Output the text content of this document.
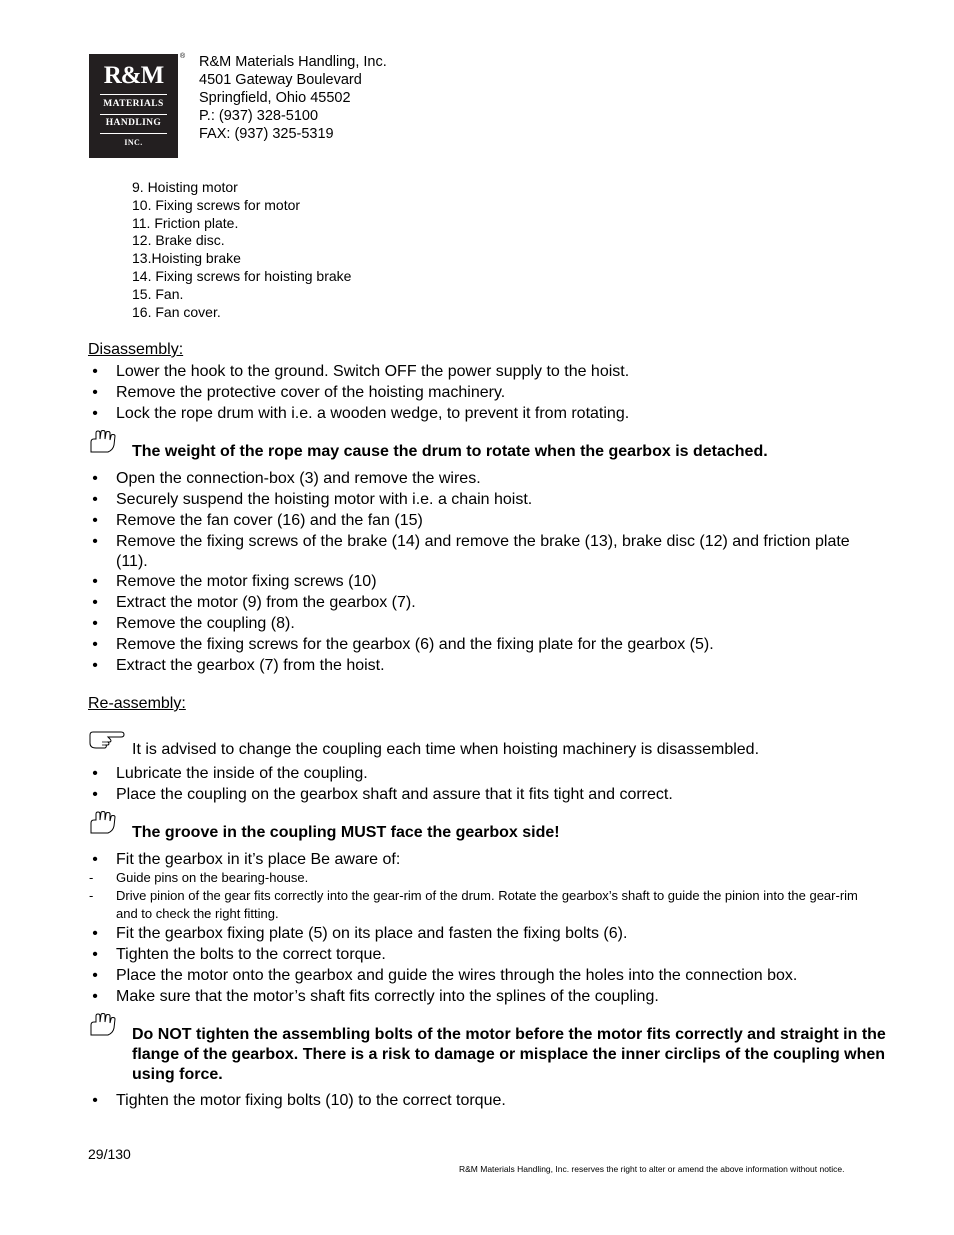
R&M
MATERIALS
HANDLING
INC.
® R&M Materials Handling, Inc.
4501 Gateway Boulevard
Springfield, Ohio 45502
P.: (937) 328-5100
FAX: (937) 325-5319
9. Hoisting motor
10. Fixing screws for motor
11. Friction plate.
12. Brake disc.
13.Hoisting brake
14. Fixing screws for hoisting brake
15. Fan.
16. Fan cover.
Disassembly:
• Lower the hook to the ground. Switch OFF the power supply to the hoist.
• Remove the protective cover of the hoisting machinery.
• Lock the rope drum with i.e. a wooden wedge, to prevent it from rotating.
The weight of the rope may cause the drum to rotate when the gearbox is detached.
• Open the connection-box (3) and remove the wires.
• Securely suspend the hoisting motor with i.e. a chain hoist.
• Remove the fan cover (16) and the fan (15)
• Remove the fixing screws of the brake (14) and remove the brake (13), brake disc (12) and friction plate (11).
• Remove the motor fixing screws (10)
• Extract the motor (9) from the gearbox (7).
• Remove the coupling (8).
• Remove the fixing screws for the gearbox (6) and the fixing plate for the gearbox (5).
• Extract the gearbox (7) from the hoist.
Re-assembly:
It is advised to change the coupling each time when hoisting machinery is disassembled.
• Lubricate the inside of the coupling.
• Place the coupling on the gearbox shaft and assure that it fits tight and correct.
The groove in the coupling MUST face the gearbox side!
• Fit the gearbox in it’s place Be aware of:
- Guide pins on the bearing-house.
- Drive pinion of the gear fits correctly into the gear-rim of the drum. Rotate the gearbox’s shaft to guide the pinion into the gear-rim and to check the right fitting.
• Fit the gearbox fixing plate (5) on its place and fasten the fixing bolts (6).
• Tighten the bolts to the correct torque.
• Place the motor onto the gearbox and guide the wires through the holes into the connection box.
• Make sure that the motor’s shaft fits correctly into the splines of the coupling.
Do NOT tighten the assembling bolts of the motor before the motor fits correctly and straight in the flange of the gearbox. There is a risk to damage or misplace the inner circlips of the coupling when using force.
• Tighten the motor fixing bolts (10) to the correct torque.
29/130
R&M Materials Handling, Inc. reserves the right to alter or amend the above information without notice.
